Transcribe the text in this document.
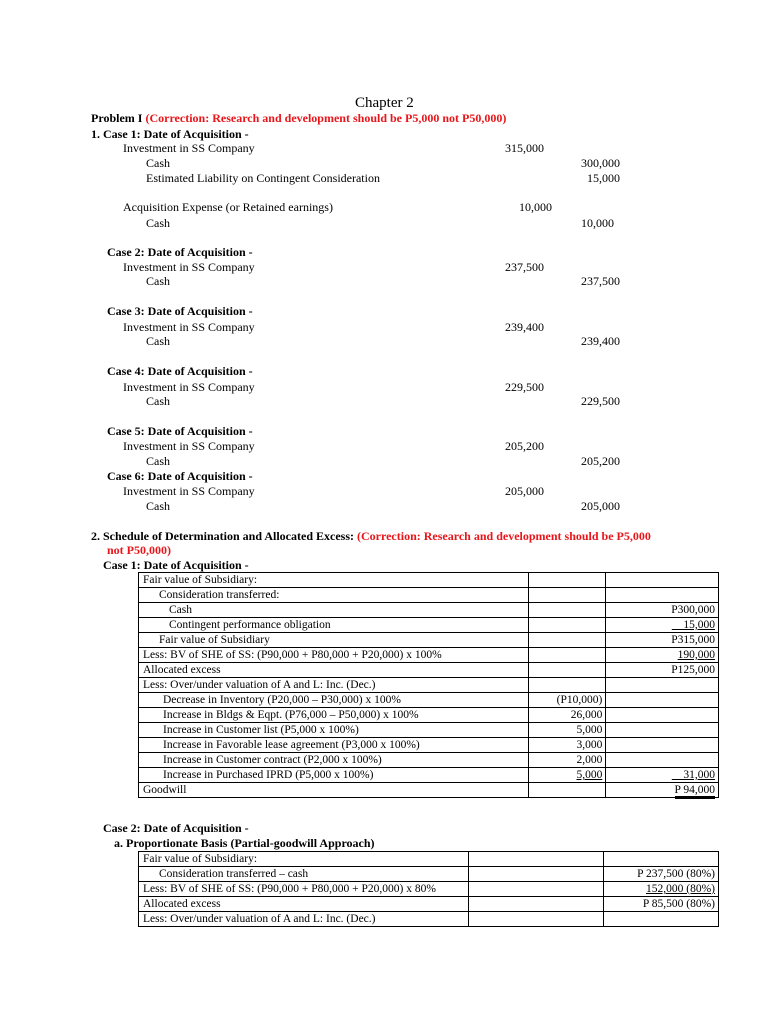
Chapter 2
Problem I (Correction: Research and development should be P5,000 not P50,000)
1. Case 1: Date of Acquisition -
Investment in SS Company	315,000
Cash	300,000
Estimated Liability on Contingent Consideration	15,000
Acquisition Expense (or Retained earnings)	10,000
Cash	10,000
Case 2: Date of Acquisition -
Investment in SS Company	237,500
Cash	237,500
Case 3: Date of Acquisition -
Investment in SS Company	239,400
Cash	239,400
Case 4: Date of Acquisition -
Investment in SS Company	229,500
Cash	229,500
Case 5: Date of Acquisition -
Investment in SS Company	205,200
Cash	205,200
Case 6: Date of Acquisition -
Investment in SS Company	205,000
Cash	205,000
2. Schedule of Determination and Allocated Excess: (Correction: Research and development should be P5,000
not P50,000)
Case 1: Date of Acquisition -
Fair value of Subsidiary:		
Consideration transferred:		
Cash		P300,000
Contingent performance obligation		__15,000
Fair value of Subsidiary		P315,000
Less: BV of SHE of SS: (P90,000 + P80,000 + P20,000) x 100%		190,000
Allocated excess		P125,000
Less: Over/under valuation of A and L: Inc. (Dec.)		
Decrease in Inventory (P20,000 – P30,000) x 100%	(P10,000)	
Increase in Bldgs & Eqpt. (P76,000 – P50,000) x 100%	26,000	
Increase in Customer list (P5,000 x 100%)	5,000	
Increase in Favorable lease agreement (P3,000 x 100%)	3,000	
Increase in Customer contract (P2,000 x 100%)	2,000	
Increase in Purchased IPRD (P5,000 x 100%)	5,000	__31,000
Goodwill		P 94,000
Case 2: Date of Acquisition -
a. Proportionate Basis (Partial-goodwill Approach)
Fair value of Subsidiary:		
Consideration transferred – cash		P 237,500 (80%)
Less: BV of SHE of SS: (P90,000 + P80,000 + P20,000) x 80%		152,000 (80%)
Allocated excess		P 85,500 (80%)
Less: Over/under valuation of A and L: Inc. (Dec.)		
